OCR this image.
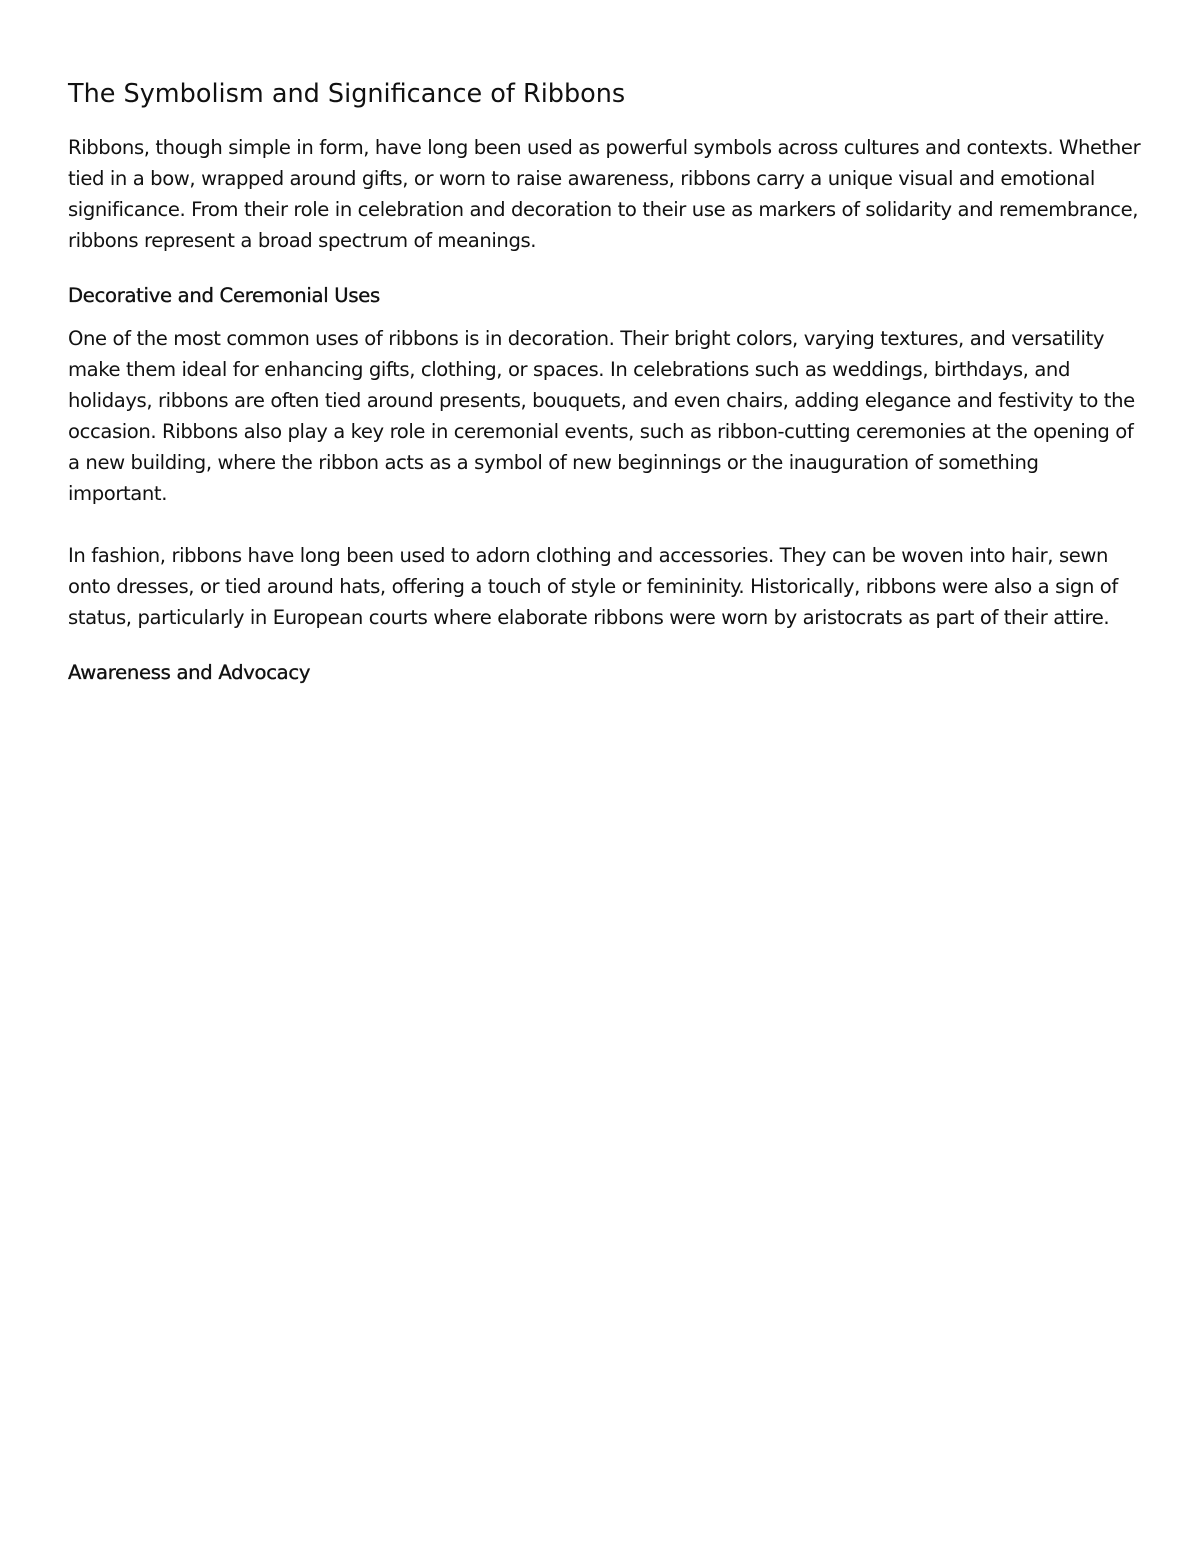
The Symbolism and Significance of Ribbons

Ribbons, though simple in form, have long been used as powerful symbols across cultures and contexts. Whether tied in a bow, wrapped around gifts, or worn to raise awareness, ribbons carry a unique visual and emotional significance. From their role in celebration and decoration to their use as markers of solidarity and remembrance, ribbons represent a broad spectrum of meanings.

Decorative and Ceremonial Uses

One of the most common uses of ribbons is in decoration. Their bright colors, varying textures, and versatility make them ideal for enhancing gifts, clothing, or spaces. In celebrations such as weddings, birthdays, and holidays, ribbons are often tied around presents, bouquets, and even chairs, adding elegance and festivity to the occasion. Ribbons also play a key role in ceremonial events, such as ribbon-cutting ceremonies at the opening of a new building, where the ribbon acts as a symbol of new beginnings or the inauguration of something important.

In fashion, ribbons have long been used to adorn clothing and accessories. They can be woven into hair, sewn onto dresses, or tied around hats, offering a touch of style or femininity. Historically, ribbons were also a sign of status, particularly in European courts where elaborate ribbons were worn by aristocrats as part of their attire.

Awareness and Advocacy
